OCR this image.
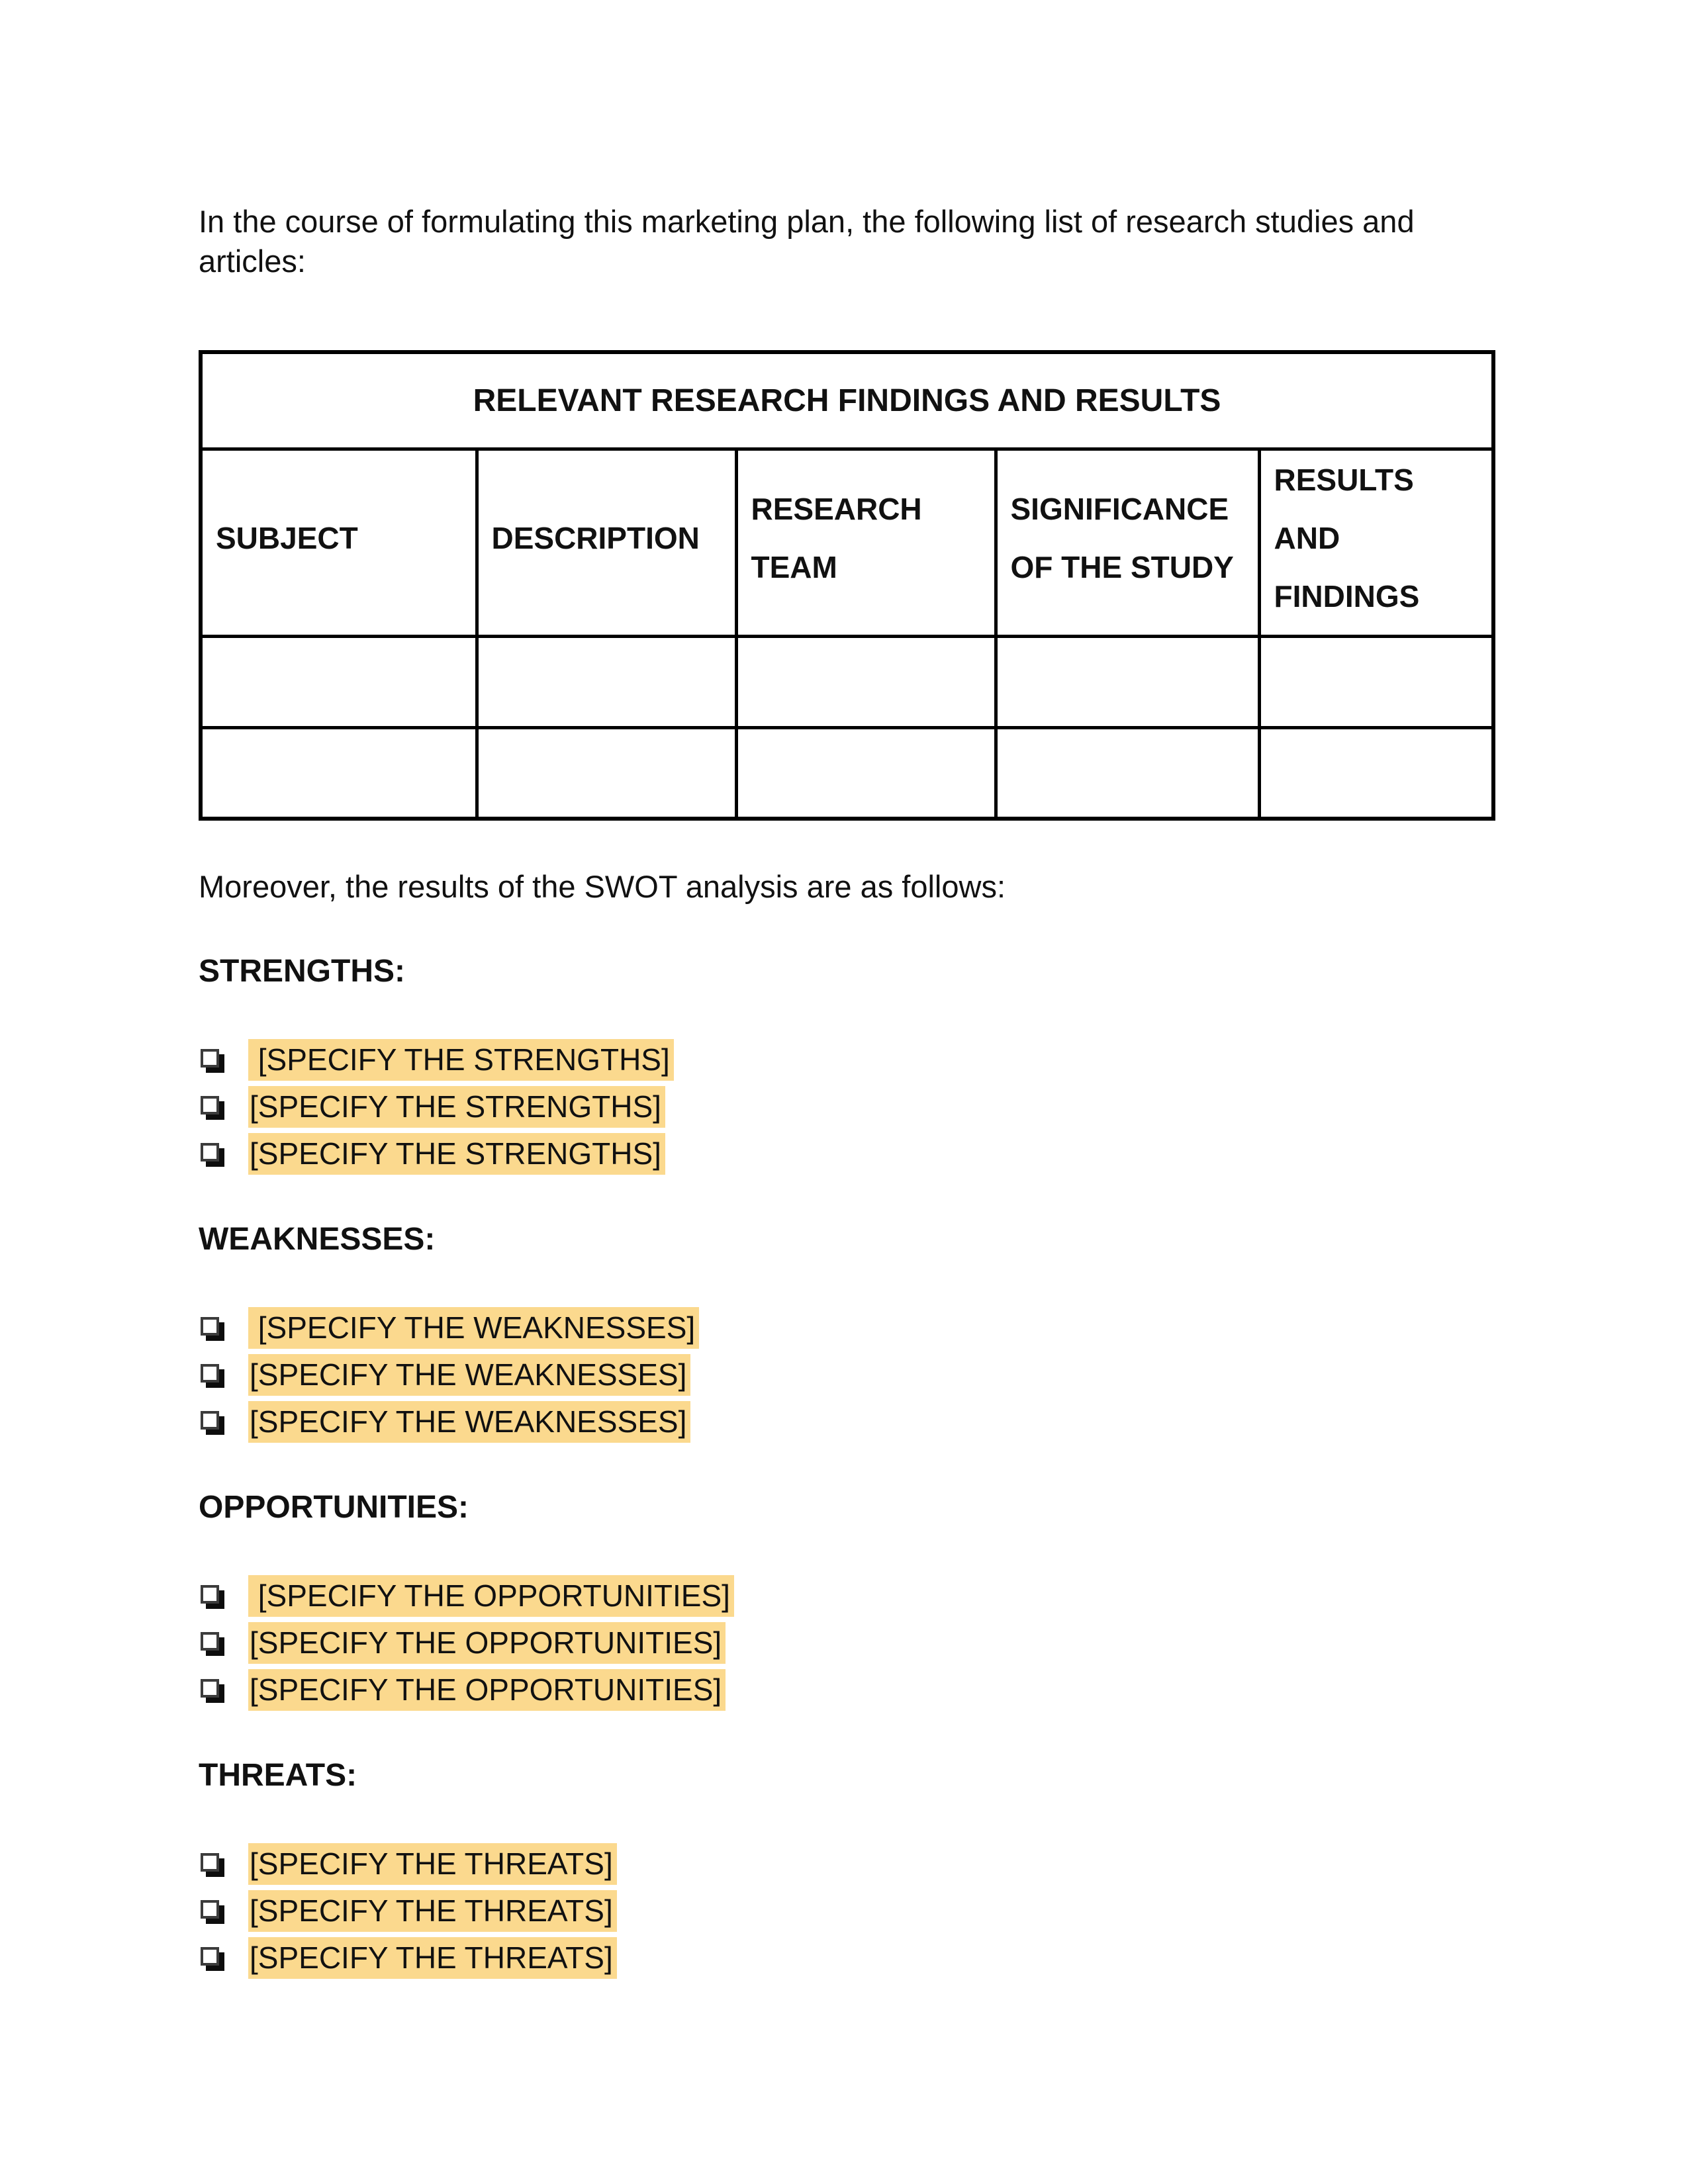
In the course of formulating this marketing plan, the following list of research studies and articles:

RELEVANT RESEARCH FINDINGS AND RESULTS				
SUBJECT	DESCRIPTION	RESEARCH TEAM	SIGNIFICANCE OF THE STUDY	RESULTS AND FINDINGS

Moreover, the results of the SWOT analysis are as follows:

STRENGTHS:
[SPECIFY THE STRENGTHS]
[SPECIFY THE STRENGTHS]
[SPECIFY THE STRENGTHS]
WEAKNESSES:
[SPECIFY THE WEAKNESSES]
[SPECIFY THE WEAKNESSES]
[SPECIFY THE WEAKNESSES]
OPPORTUNITIES:
[SPECIFY THE OPPORTUNITIES]
[SPECIFY THE OPPORTUNITIES]
[SPECIFY THE OPPORTUNITIES]
THREATS:
[SPECIFY THE THREATS]
[SPECIFY THE THREATS]
[SPECIFY THE THREATS]
